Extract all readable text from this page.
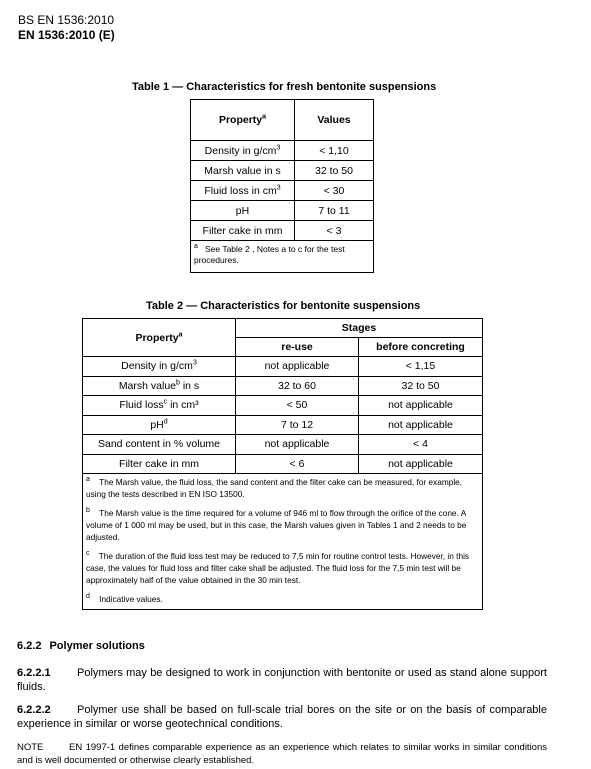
BS EN 1536:2010
EN 1536:2010 (E)
Table 1 — Characteristics for fresh bentonite suspensions
Property$^a$	Values
Density in $g/cm^3$	< 1,10
Marsh value in s	32 to 50
Fluid loss in $cm^3$	< 30
pH	7 to 11
Filter cake in mm	< 3
$^a$ See Table 2 , Notes a to c for the test procedures.	
Table 2 — Characteristics for bentonite suspensions
Property$^a$	Stages	
	re-use	before concreting
Density in $g/cm^3$	not applicable	< 1,15
Marsh value$^b$ in s	32 to 60	32 to 50
Fluid loss$^c$ in cm³	< 50	not applicable
$pH^d$	7 to 12	not applicable
Sand content in % volume	not applicable	< 4
Filter cake in mm	< 6	not applicable

$^a$ The Marsh value, the fluid loss, the sand content and the filter cake can be measured, for example, using the tests described in EN ISO 13500.

$^b$ The Marsh value is the time required for a volume of 946 ml to flow through the orifice of the cone. A volume of 1 000 ml may be used, but in this case, the Marsh values given in Tables 1 and 2 needs to be adjusted.

$^c$ The duration of the fluid loss test may be reduced to 7,5 min for routine control tests. However, in this case, the values for fluid loss and filter cake shall be adjusted. The fluid loss for the 7,5 min test will be approximately half of the value obtained in the 30 min test.

$^d$ Indicative values.		

6.2.2 Polymer solutions
6.2.2.1 Polymers may be designed to work in conjunction with bentonite or used as stand alone support fluids.
6.2.2.2 Polymer use shall be based on full-scale trial bores on the site or on the basis of comparable experience in similar or worse geotechnical conditions.
NOTE	EN 1997-1 defines comparable experience as an experience which relates to similar works in similar conditions and is well documented or otherwise clearly established.
